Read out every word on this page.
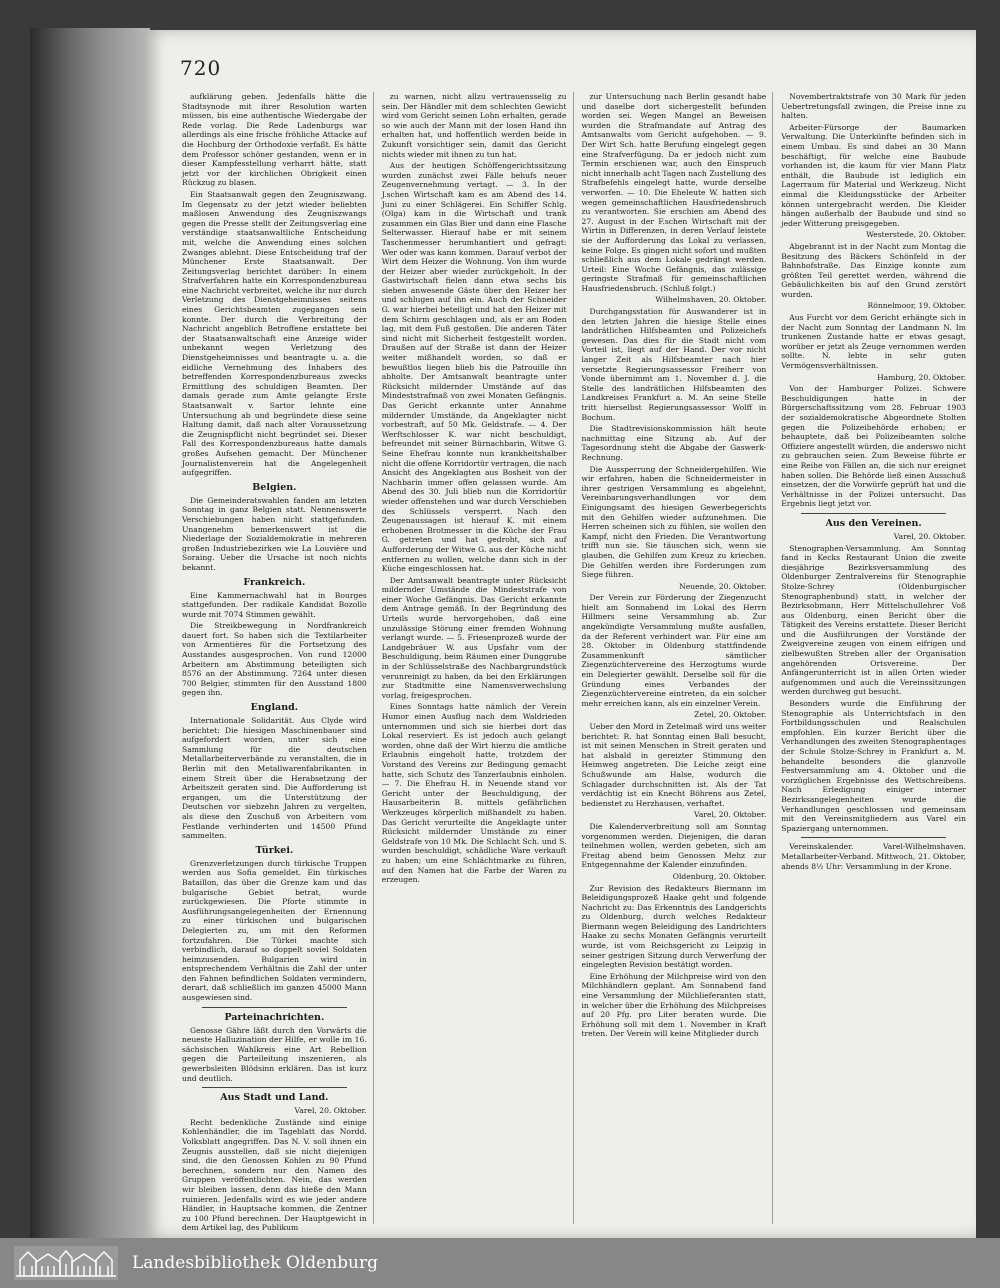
720

aufklärung geben. Jedenfalls hätte die Stadtsynode mit ihrer Resolution warten müssen, bis eine authentische Wiedergabe der Rede vorlag. Die Rede Ladenburgs war allerdings als eine frische fröhliche Attacke auf die Hochburg der Orthodoxie verfaßt. Es hätte dem Professor schöner gestanden, wenn er in dieser Kampfesstellung verharrt hätte, statt jetzt vor der kirchlichen Obrigkeit einen Rückzug zu blasen.

Ein Staatsanwalt gegen den Zeugniszwang. Im Gegensatz zu der jetzt wieder beliebten maßlosen Anwendung des Zeugniszwangs gegen die Presse stellt der Zeitungsverlag eine verständige staatsanwaltliche Entscheidung mit, welche die Anwendung eines solchen Zwanges ablehnt. Diese Entscheidung traf der Münchener Erste Staatsanwalt. Der Zeitungsverlag berichtet darüber: In einem Strafverfahren hatte ein Korrespondenzbureau eine Nachricht verbreitet, welche ihr nur durch Verletzung des Dienstgeheimnisses seitens eines Gerichtsbeamten zugegangen sein konnte. Der durch die Verbreitung der Nachricht angeblich Betroffene erstattete bei der Staatsanwaltschaft eine Anzeige wider unbekannt wegen Verletzung des Dienstgeheimnisses und beantragte u. a. die eidliche Vernehmung des Inhabers des betreffenden Korrespondenzbureaus zwecks Ermittlung des schuldigen Beamten. Der damals gerade zum Amte gelangte Erste Staatsanwalt v. Sartor lehnte eine Untersuchung ab und begründete diese seine Haltung damit, daß nach alter Voraussetzung die Zeugnispflicht nicht begründet sei. Dieser Fall des Korrespondenzbureaus hatte damals großes Aufsehen gemacht. Der Münchener Journalistenverein hat die Angelegenheit aufgegriffen.

Belgien.

Die Gemeinderatswahlen fanden am letzten Sonntag in ganz Belgien statt. Nennenswerte Verschiebungen haben nicht stattgefunden. Unangenehm bemerkenswert ist die Niederlage der Sozialdemokratie in mehreren großen Industriebezirken wie La Louvière und Soraing. Ueber die Ursache ist noch nichts bekannt.

Frankreich.

Eine Kammernachwahl hat in Bourges stattgefunden. Der radikale Kandidat Bozollo wurde mit 7074 Stimmen gewählt.

Die Streikbewegung in Nordfrankreich dauert fort. So haben sich die Textilarbeiter von Armentières für die Fortsetzung des Ausstandes ausgesprochen. Von rund 12000 Arbeitern am Abstimmung beteiligten sich 8576 an der Abstimmung. 7264 unter diesen 700 Belgier, stimmten für den Ausstand 1800 gegen ihn.

England.

Internationale Solidarität. Aus Clyde wird berichtet: Die hiesigen Maschinenbauer sind aufgefordert worden, unter sich eine Sammlung für die deutschen Metallarbeiterverbände zu veranstalten, die in Berlin mit den Metallwarenfabrikanten in einem Streit über die Herabsetzung der Arbeitszeit geraten sind. Die Aufforderung ist ergangen, um die Unterstützung der Deutschen vor siebzehn Jahren zu vergelten, als diese den Zuschuß von Arbeitern vom Festlande verhinderten und 14500 Pfund sammelten.

Türkei.

Grenzverletzungen durch türkische Truppen werden aus Sofia gemeldet. Ein türkisches Bataillon, das über die Grenze kam und das bulgarische Gebiet betrat, wurde zurückgewiesen. Die Pforte stimmte in Ausführungsangelegenheiten der Ernennung zu einer türkischen und bulgarischen Delegierten zu, um mit den Reformen fortzufahren. Die Türkei machte sich verbindlich, darauf so doppelt soviel Soldaten heimzusenden. Bulgarien wird in entsprechendem Verhältnis die Zahl der unter den Fahnen befindlichen Soldaten vermindern, derart, daß schließlich im ganzen 45000 Mann ausgewiesen sind.

Parteinachrichten.

Genosse Gähre läßt durch den Vorwärts die neueste Halluzination der Hilfe, er wolle im 16. sächsischen Wahlkreis eine Art Rebellion gegen die Parteileitung inszenieren, als gewerbsleiten Blödsinn erklären. Das ist kurz und deutlich.

Aus Stadt und Land.

Varel, 20. Oktober.

Recht bedenkliche Zustände sind einige Kohlenhändler, die im Tageblatt das Nordd. Volksblatt angegriffen. Das N. V. soll ihnen ein Zeugnis ausstellen, daß sie nicht diejenigen sind, die den Genossen Kohlen zu 90 Pfund berechnen, sondern nur den Namen des Gruppen veröffentlichten. Nein, das werden wir bleiben lassen, denn das hieße den Mann ruinieren. Jedenfalls wird es wie jeder andere Händler, in Hauptsache kommen, die Zentner zu 100 Pfund berechnen. Der Hauptgewicht in dem Artikel lag, des Publikum

zu warnen, nicht allzu vertrauensselig zu sein. Der Händler mit dem schlechten Gewicht wird vom Gericht seinen Lohn erhalten, gerade so wie auch der Mann mit der losen Hand ihn erhalten hat, und hoffentlich werden beide in Zukunft vorsichtiger sein, damit das Gericht nichts wieder mit ihnen zu tun hat.

Aus der heutigen Schöffengerichtssitzung wurden zunächst zwei Fälle behufs neuer Zeugenvernehmung vertagt. — 3. In der J.schen Wirtschaft kam es am Abend des 14. Juni zu einer Schlägerei. Ein Schiffer Schlg. (Olga) kam in die Wirtschaft und trank zusammen ein Glas Bier und dann eine Flasche Selterwasser. Hierauf habe er mit seinem Taschenmesser herumhantiert und gefragt: Wer oder was kann kommen. Darauf verbot der Wirt dem Heizer die Wohnung. Von ihm wurde der Heizer aber wieder zurückgeholt. In der Gastwirtschaft fielen dann etwa sechs bis sieben anwesende Gäste über den Heizer her und schlugen auf ihn ein. Auch der Schneider G. war hierbei beteiligt und hat den Heizer mit dem Schirm geschlagen und, als er am Boden lag, mit dem Fuß gestoßen. Die anderen Täter sind nicht mit Sicherheit festgestellt worden. Draußen auf der Straße ist dann der Heizer weiter mißhandelt worden, so daß er bewußtlos liegen blieb bis die Patrouille ihn abholte. Der Amtsanwalt beantragte unter Rücksicht mildernder Umstände auf das Mindeststrafmaß von zwei Monaten Gefängnis. Das Gericht erkannte unter Annahme mildernder Umstände, da Angeklagter nicht vorbestraft, auf 50 Mk. Geldstrafe. — 4. Der Werftschlosser K. war nicht beschuldigt, befreundet mit seiner Bürnachbarin, Witwe G. Seine Ehefrau konnte nun krankheitshalber nicht die offene Korridortür vertragen, die nach Ansicht des Angeklagten aus Bosheit von der Nachbarin immer offen gelassen wurde. Am Abend des 30. Juli blieb nun die Korridortür wieder offenstehen und war durch Verschieben des Schlüssels versperrt. Nach den Zeugenaussagen ist hierauf K. mit einem erhobenen Brotmesser in die Küche der Frau G. getreten und hat gedroht, sich auf Aufforderung der Witwe G. aus der Küche nicht entfernen zu wollen, welche dann sich in der Küche eingeschlossen hat.

Der Amtsanwalt beantragte unter Rücksicht mildernder Umstände die Mindeststrafe von einer Woche Gefängnis. Das Gericht erkannte dem Antrage gemäß. In der Begründung des Urteils wurde hervorgehoben, daß eine unzulässige Störung einer fremden Wohnung verlangt wurde. — 5. Friesenprozeß wurde der Landgebräuer W. aus Upsfahr vom der Beschuldigung, beim Räumen einer Dunggrube in der Schlüsselstraße des Nachbargrundstück verunreinigt zu haben, da bei den Erklärungen zur Stadtmitte eine Namensverwechslung vorlag, freigesprochen.

Eines Sonntags hatte nämlich der Verein Humor einen Ausflug nach dem Waldrieden unternommen und sich sie hierbei dort das Lokal reserviert. Es ist jedoch auch gelangt worden, ohne daß der Wirt hierzu die amtliche Erlaubnis eingeholt hatte, trotzdem der Vorstand des Vereins zur Bedingung gemacht hatte, sich Schutz des Tanzerlaubnis einholen. — 7. Die Ehefrau H. in Neuende stand vor Gericht unter der Beschuldigung, der Hausarbeiterin B. mittels gefährlichen Werkzeuges körperlich mißhandelt zu haben. Das Gericht verurteilte die Angeklagte unter Rücksicht mildernder Umstände zu einer Geldstrafe von 10 Mk. Die Schlacht Sch. und S. wurden beschuldigt, schädliche Ware verkauft zu haben; um eine Schlächtmarke zu führen, auf den Namen hat die Farbe der Waren zu erzeugen.

zur Untersuchung nach Berlin gesandt habe und daselbe dort sichergestellt befunden worden sei. Wegen Mangel an Beweisen wurden die Strafmandate auf Antrag des Amtsanwalts vom Gericht aufgehoben. — 9. Der Wirt Sch. hatte Berufung eingelegt gegen eine Strafverfügung. Da er jedoch nicht zum Termin erschienen war, auch den Einspruch nicht innerhalb acht Tagen nach Zustellung des Strafbefehls eingelegt hatte, wurde derselbe verworfen. — 10. Die Eheleute W. hatten sich wegen gemeinschaftlichen Hausfriedensbruch zu verantworten. Sie erschien am Abend des 27. August in der F.schen Wirtschaft mit der Wirtin in Differenzen, in deren Verlauf leistete sie der Aufforderung das Lokal zu verlassen, keine Folge. Es gingen nicht sofort und mußten schließlich aus dem Lokale gedrängt werden. Urteil: Eine Woche Gefängnis, das zulässige geringste Strafmaß für gemeinschaftlichen Hausfriedensbruch. (Schluß folgt.)

Wilhelmshaven, 20. Oktober.

Durchgangsstation für Auswanderer ist in den letzten Jahren die hiesige Stelle eines landrätlichen Hilfsbeamten und Polizeichefs gewesen. Das dies für die Stadt nicht vom Vorteil ist, liegt auf der Hand. Der vor nicht langer Zeit als Hilfsbeamter nach hier versetzte Regierungsassessor Freiherr von Vonde übernimmt am 1. November d. J. die Stelle des landrätlichen Hilfsbeamten des Landkreises Frankfurt a. M. An seine Stelle tritt hierselbst Regierungsassessor Wolff in Bochum.

Die Stadtrevisionskommission hält heute nachmittag eine Sitzung ab. Auf der Tagesordnung steht die Abgabe der Gaswerk-Rechnung.

Die Aussperrung der Schneidergehilfen. Wie wir erfahren, haben die Schneidermeister in ihrer gestrigen Versammlung es abgelehnt, Vereinbarungsverhandlungen vor dem Einigungsamt des hiesigen Gewerbegerichts mit den Gehilfen wieder aufzunehmen. Die Herren scheinen sich zu fühlen, sie wollen den Kampf, nicht den Frieden. Die Verantwortung trifft nun sie. Sie täuschen sich, wenn sie glauben, die Gehilfen zum Kreuz zu kriechen. Die Gehilfen werden ihre Forderungen zum Siege führen.

Neuende, 20. Oktober.

Der Verein zur Förderung der Ziegenzucht hielt am Sonnabend im Lokal des Herrn Hillmers seine Versammlung ab. Zur angekündigte Versammlung mußte ausfallen, da der Referent verhindert war. Für eine am 28. Oktober in Oldenburg stattfindende Zusammenkunft sämtlicher Ziegenzüchtervereine des Herzogtums wurde ein Delegierter gewählt. Derselbe soll für die Gründung eines Verbandes der Ziegenzüchtervereine eintreten, da ein solcher mehr erreichen kann, als ein einzelner Verein.

Zetel, 20. Oktober.

Ueber den Mord in Zetelmaß wird uns weiter berichtet: R. hat Sonntag einen Ball besucht, ist mit seinen Menschen in Streit geraten und hat alsbald in gereizter Stimmung den Heimweg angetreten. Die Leiche zeigt eine Schußwunde am Halse, wodurch die Schlagader durchschnitten ist. Als der Tat verdächtig ist ein Knecht Böhrens aus Zetel, bedienstet zu Herzhausen, verhaftet.

Varel, 20. Oktober.

Die Kalenderverbreitung soll am Sonntag vorgenommen werden. Diejenigen, die daran teilnehmen wollen, werden gebeten, sich am Freitag abend beim Genossen Mehz zur Entgegennahme der Kalender einzufinden.

Oldenburg, 20. Oktober.

Zur Revision des Redakteurs Biermann im Beleidigungsprozeß Haake geht und folgende Nachricht zu: Das Erkenntnis des Landgerichts zu Oldenburg, durch welches Redakteur Biermann wegen Beleidigung des Landrichters Haake zu sechs Monaten Gefängnis verurteilt wurde, ist vom Reichsgericht zu Leipzig in seiner gestrigen Sitzung durch Verwerfung der eingelegten Revision bestätigt worden.

Eine Erhöhung der Milchpreise wird von den Milchhändlern geplant. Am Sonnabend fand eine Versammlung der Milchlieferanten statt, in welcher über die Erhöhung des Milchpreises auf 20 Pfg. pro Liter beraten wurde. Die Erhöhung soll mit dem 1. November in Kraft treten. Der Verein will keine Mitglieder durch

Novembertraktstrafe von 30 Mark für jeden Uebertretungsfall zwingen, die Preise inne zu halten.

Arbeiter-Fürsorge der Baumarken Verwaltung. Die Unterkünfte befinden sich in einem Umbau. Es sind dabei an 30 Mann beschäftigt, für welche eine Baubude vorhanden ist, die kaum für vier Mann Platz enthält, die Baubude ist lediglich ein Lagerraum für Material und Werkzeug. Nicht einmal die Kleidungsstücke der Arbeiter können untergebracht werden. Die Kleider hängen außerhalb der Baubude und sind so jeder Witterung preisgegeben.

Westerstede, 20. Oktober.

Abgebrannt ist in der Nacht zum Montag die Besitzung des Bäckers Schönfeld in der Bahnhofstraße. Das Einzige konnte zum größten Teil gerettet werden, während die Gebäulichkeiten bis auf den Grund zerstört wurden.

Rönnelmoor, 19. Oktober.

Aus Furcht vor dem Gericht erhängte sich in der Nacht zum Sonntag der Landmann N. Im trunkenen Zustande hatte er etwas gesagt, worüber er jetzt als Zeuge vernommen werden sollte. N. lebte in sehr guten Vermögensverhältnissen.

Hamburg, 20. Oktober.

Von der Hamburger Polizei. Schwere Beschuldigungen hatte in der Bürgerschaftssitzung vom 28. Februar 1903 der sozialdemokratische Abgeordnete Stolten gegen die Polizeibehörde erhoben; er behauptete, daß bei Polizeibeamten solche Offiziere angestellt würden, die anderswo nicht zu gebrauchen seien. Zum Beweise führte er eine Reihe von Fällen an, die sich nur ereignet haben sollen. Die Behörde ließ einen Ausschuß einsetzen, der die Vorwürfe geprüft hat und die Verhältnisse in der Polizei untersucht. Das Ergebnis liegt jetzt vor.

Aus den Vereinen.

Varel, 20. Oktober.

Stenographen-Versammlung. Am Sonntag fand in Kecks Restaurant Union die zweite diesjährige Bezirksversammlung des Oldenburger Zentralvereins für Stenographie Stolze-Schrey (Oldenburgischer Stenographenbund) statt, in welcher der Bezirksobmann, Herr Mittelschullehrer Voß aus Oldenburg, einen Bericht über die Tätigkeit des Vereins erstattete. Dieser Bericht und die Ausführungen der Vorstände der Zweigvereine zeugen von einem eifrigen und zielbewußten Streben aller der Organisation angehörenden Ortsvereine. Der Anfängerunterricht ist in allen Orten wieder aufgenommen und auch die Vereinssitzungen werden durchweg gut besucht.

Besonders wurde die Einführung der Stenographie als Unterrichtsfach in den Fortbildungsschulen und Realschulen empfohlen. Ein kurzer Bericht über die Verhandlungen des zweiten Stenographentages der Schule Stolze-Schrey in Frankfurt a. M. behandelte besonders die glanzvolle Festversammlung am 4. Oktober und die vorzüglichen Ergebnisse des Wettschreibens. Nach Erledigung einiger interner Bezirksangelegenheiten wurde die Verhandlungen geschlossen und gemeinsam mit den Vereinsmitgliedern aus Varel ein Spaziergang unternommen.

Vereinskalender. Varel-Wilhelmshaven. Metallarbeiter-Verband. Mittwoch, 21. Oktober, abends 8½ Uhr: Versammlung in der Krone.

Landesbibliothek Oldenburg
